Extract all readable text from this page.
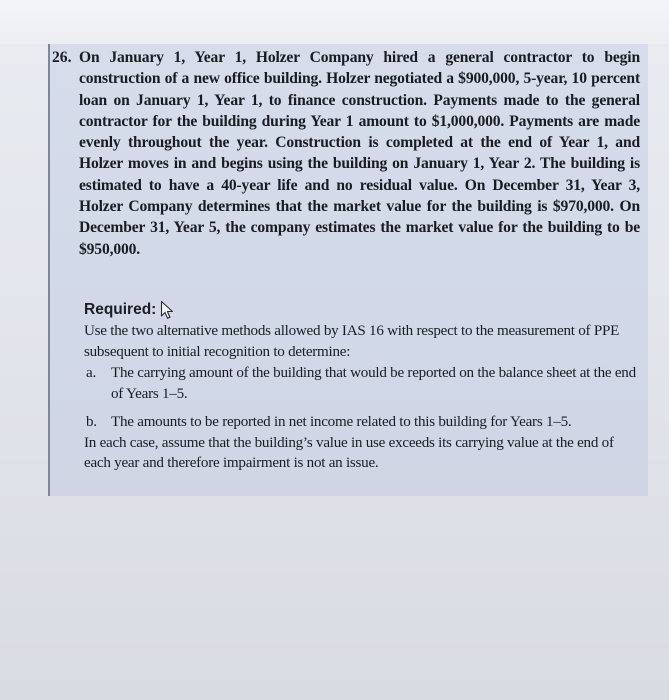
26. On January 1, Year 1, Holzer Company hired a general contractor to begin construction of a new office building. Holzer negotiated a $900,000, 5-year, 10 percent loan on January 1, Year 1, to finance construction. Payments made to the general contractor for the building during Year 1 amount to $1,000,000. Payments are made evenly throughout the year. Construction is completed at the end of Year 1, and Holzer moves in and begins using the building on January 1, Year 2. The building is estimated to have a 40-year life and no residual value. On December 31, Year 3, Holzer Company determines that the market value for the building is $970,000. On December 31, Year 5, the company estimates the market value for the building to be $950,000.
Required:

Use the two alternative methods allowed by IAS 16 with respect to the measurement of PPE subsequent to initial recognition to determine:

a. The carrying amount of the building that would be reported on the balance sheet at the end of Years 1–5.
b. The amounts to be reported in net income related to this building for Years 1–5.

In each case, assume that the building’s value in use exceeds its carrying value at the end of each year and therefore impairment is not an issue.
